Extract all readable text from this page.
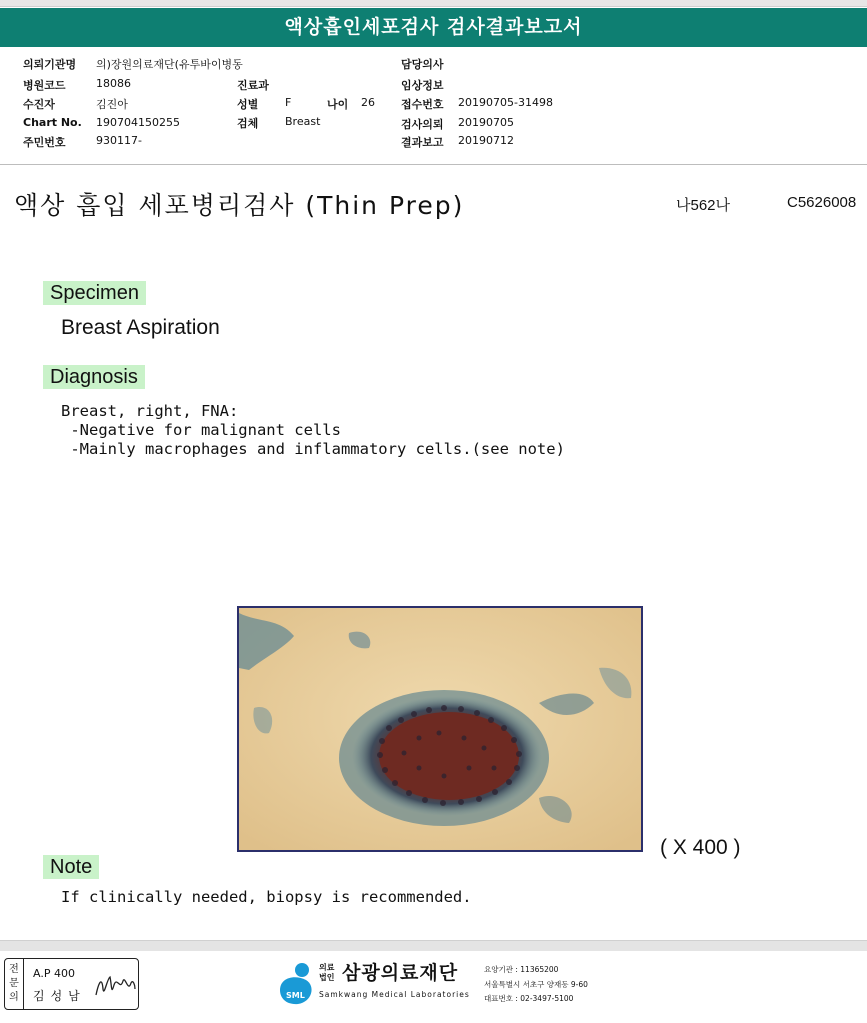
액상흡인세포검사 검사결과보고서
의뢰기관명 의)장원의료재단(유투바이병동
병원코드	18086
수진자	김진아
Chart No. 190704150255
주민번호	930117-
진료과
성별 F	나이 26
검체 Breast
담당의사
임상정보
접수번호 20190705-31498
검사의뢰 20190705
결과보고 20190712
액상 흡입 세포병리검사 (Thin Prep)	나562나	C5626008
Specimen
Breast Aspiration
Diagnosis
Breast, right, FNA:
-Negative for malignant cells
-Mainly macrophages and inflammatory cells.(see note)
( X 400 )
Note
If clinically needed, biopsy is recommended.
전
문
의
A.P 400
김성남	SML
의료
법인 삼광의료재단
Samkwang Medical Laboratories
요양기관 : 11365200
서울특별시 서초구 양재동 9-60
대표번호 : 02-3497-5100
